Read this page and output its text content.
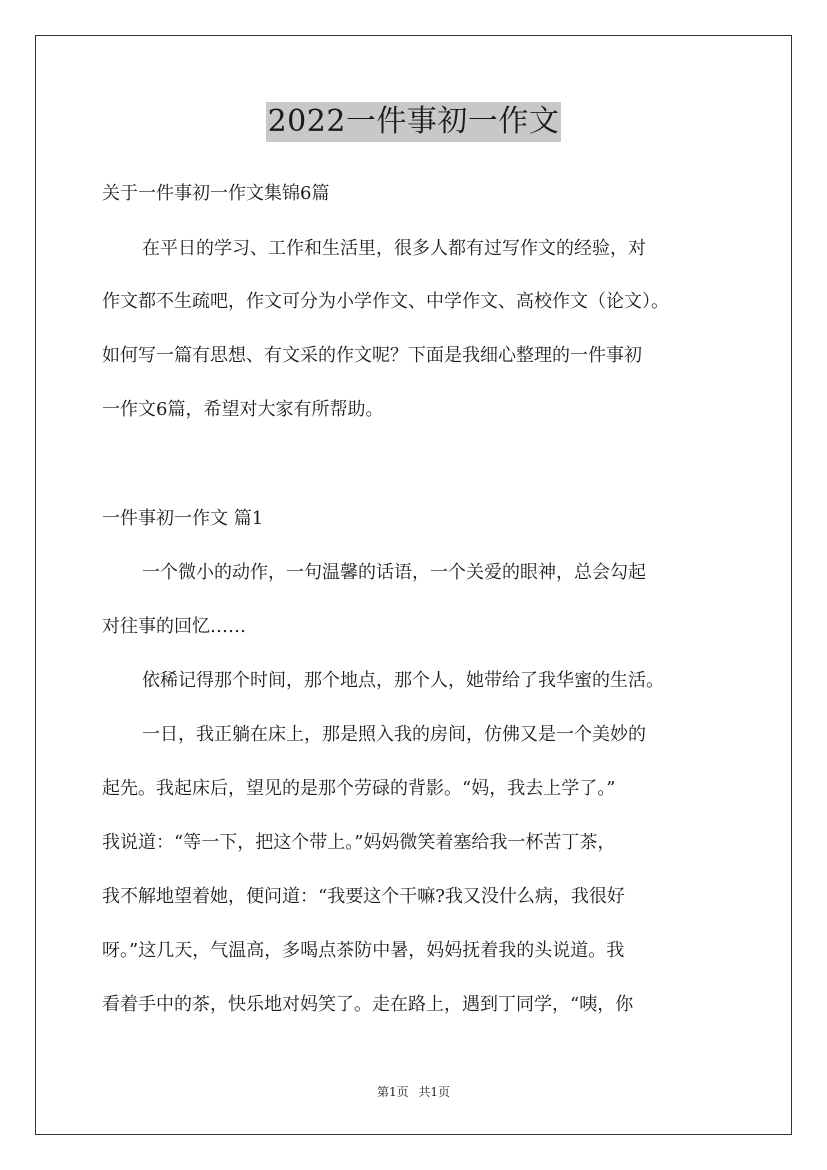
2022一件事初一作文
关于一件事初一作文集锦6篇
在平日的学习、工作和生活里，很多人都有过写作文的经验，对
作文都不生疏吧，作文可分为小学作文、中学作文、高校作文（论文）。
如何写一篇有思想、有文采的作文呢？下面是我细心整理的一件事初
一作文6篇，希望对大家有所帮助。
一件事初一作文 篇1
一个微小的动作，一句温馨的话语，一个关爱的眼神，总会勾起
对往事的回忆……
依稀记得那个时间，那个地点，那个人，她带给了我华蜜的生活。
一日，我正躺在床上，那是照入我的房间，仿佛又是一个美妙的
起先。我起床后，望见的是那个劳碌的背影。“妈，我去上学了。”
我说道：“等一下，把这个带上。”妈妈微笑着塞给我一杯苦丁茶，
我不解地望着她，便问道：“我要这个干嘛?我又没什么病，我很好
呀。”这几天，气温高，多喝点茶防中暑，妈妈抚着我的头说道。我
看着手中的茶，快乐地对妈笑了。走在路上，遇到丁同学，“咦，你
第1页 共1页
